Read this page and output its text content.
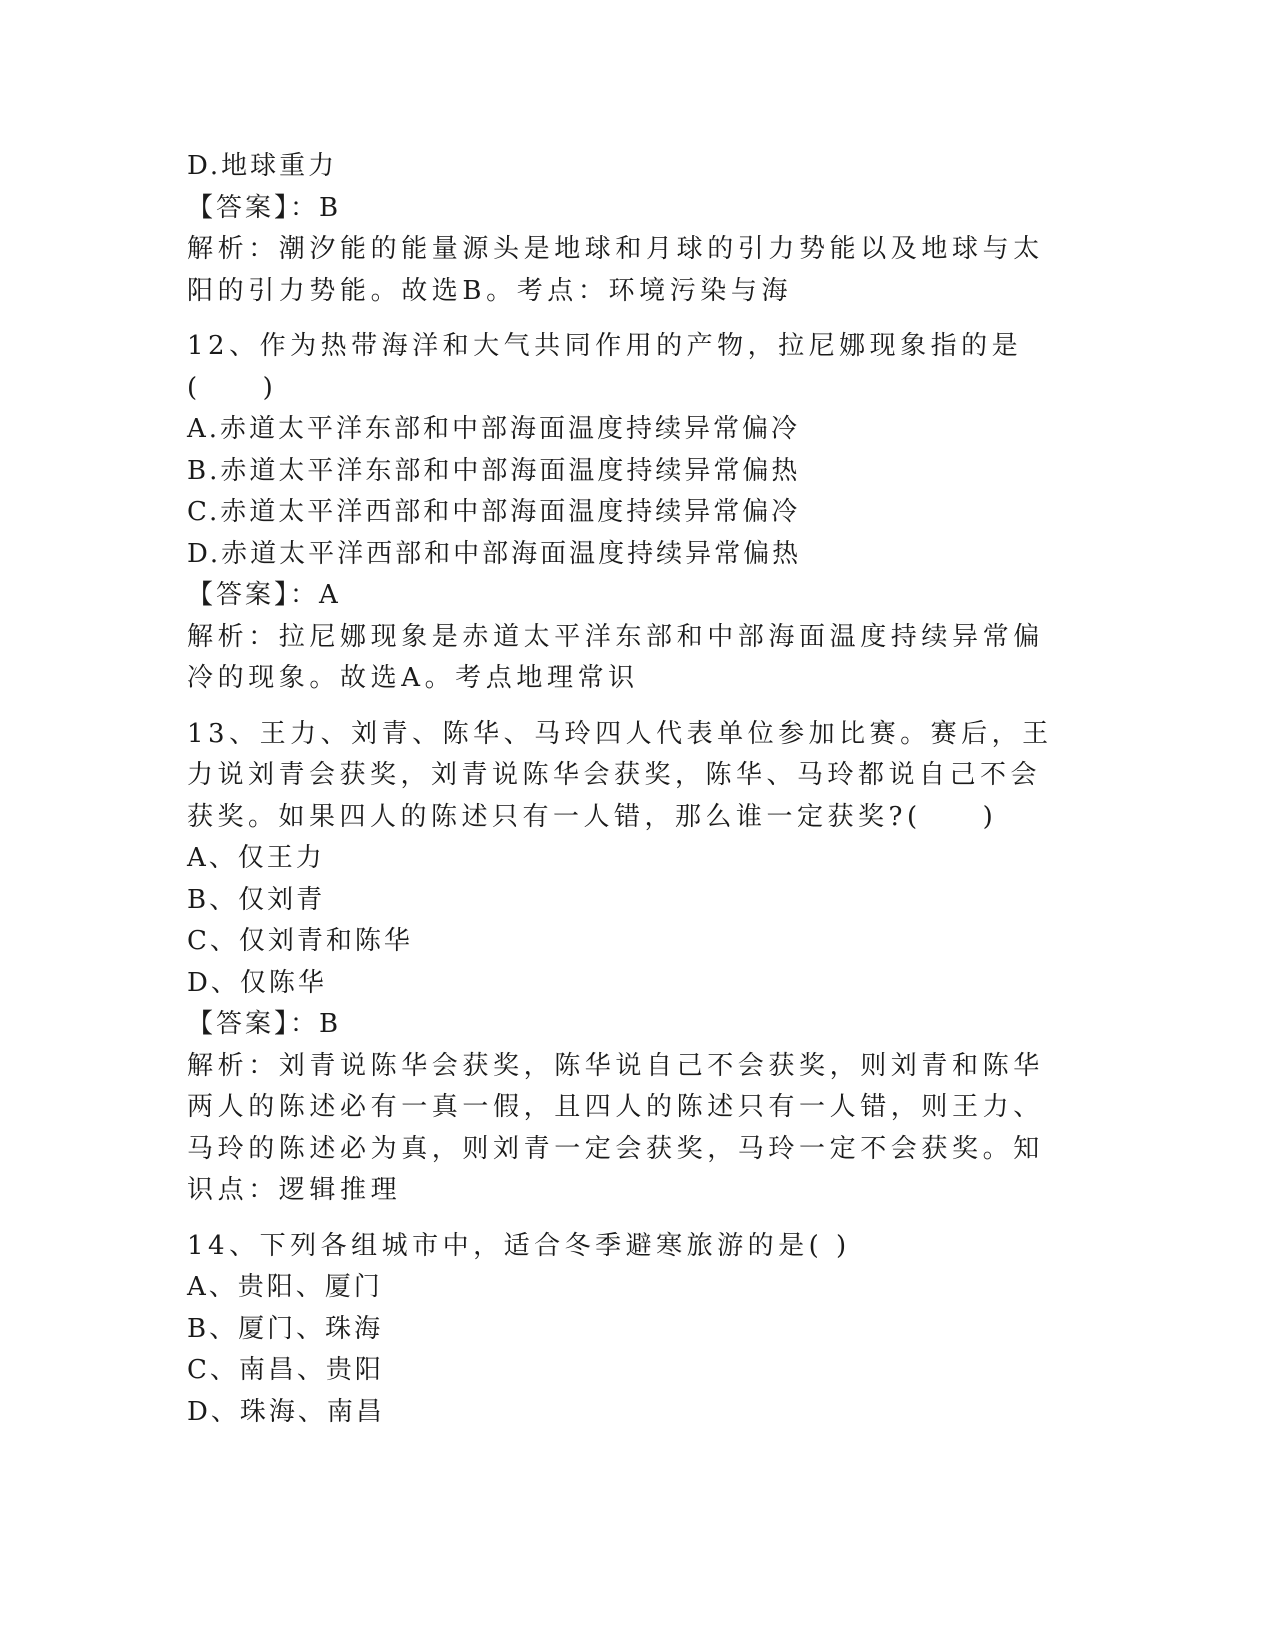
D.地球重力
【答案】：B
解析：潮汐能的能量源头是地球和月球的引力势能以及地球与太阳的引力势能。故选B。考点：环境污染与海
12、作为热带海洋和大气共同作用的产物，拉尼娜现象指的是(　　)
A.赤道太平洋东部和中部海面温度持续异常偏冷
B.赤道太平洋东部和中部海面温度持续异常偏热
C.赤道太平洋西部和中部海面温度持续异常偏冷
D.赤道太平洋西部和中部海面温度持续异常偏热
【答案】：A
解析：拉尼娜现象是赤道太平洋东部和中部海面温度持续异常偏冷的现象。故选A。考点地理常识
13、王力、刘青、陈华、马玲四人代表单位参加比赛。赛后，王力说刘青会获奖，刘青说陈华会获奖，陈华、马玲都说自己不会获奖。如果四人的陈述只有一人错，那么谁一定获奖?(　　)
A、仅王力
B、仅刘青
C、仅刘青和陈华
D、仅陈华
【答案】：B
解析：刘青说陈华会获奖，陈华说自己不会获奖，则刘青和陈华两人的陈述必有一真一假，且四人的陈述只有一人错，则王力、马玲的陈述必为真，则刘青一定会获奖，马玲一定不会获奖。知识点：逻辑推理
14、下列各组城市中，适合冬季避寒旅游的是( )
A、贵阳、厦门
B、厦门、珠海
C、南昌、贵阳
D、珠海、南昌
